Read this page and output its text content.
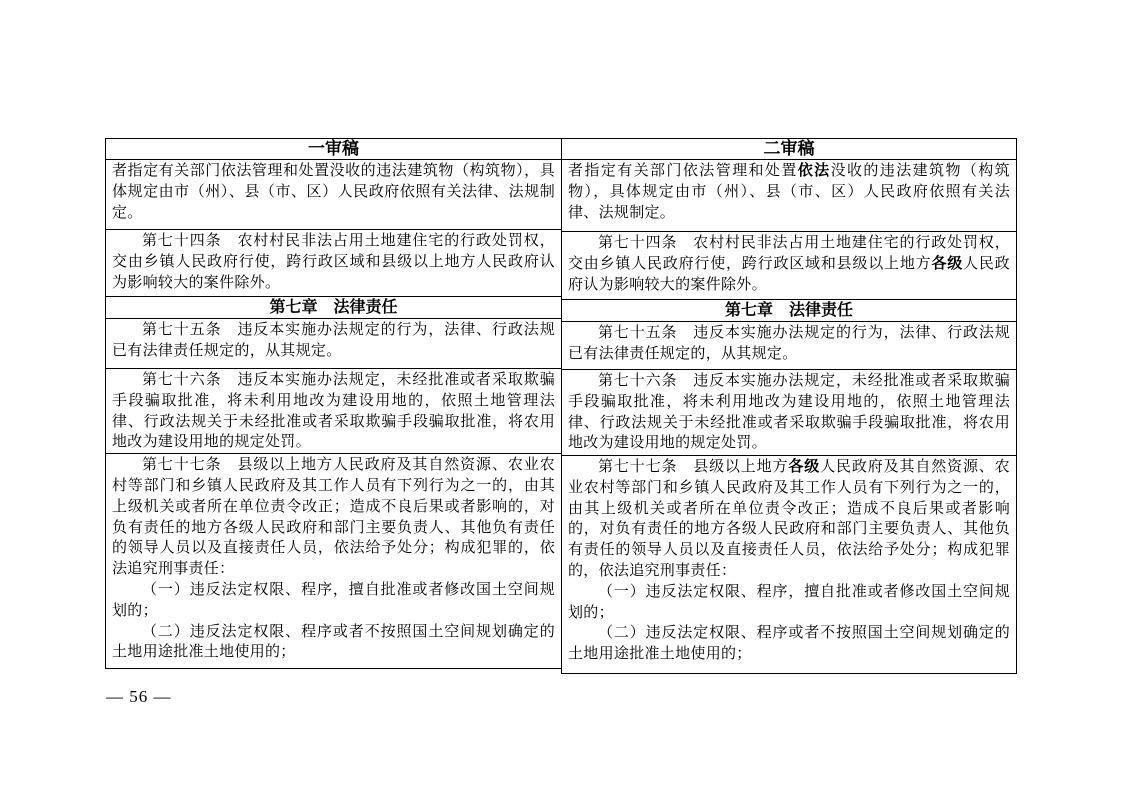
一审稿

者指定有关部门依法管理和处置没收的违法建筑物（构筑物），具体规定由市（州）、县（市、区）人民政府依照有关法律、法规制定。

第七十四条　农村村民非法占用土地建住宅的行政处罚权，交由乡镇人民政府行使，跨行政区域和县级以上地方人民政府认为影响较大的案件除外。

第七章　法律责任

第七十五条　违反本实施办法规定的行为，法律、行政法规已有法律责任规定的，从其规定。

第七十六条　违反本实施办法规定，未经批准或者采取欺骗手段骗取批准，将未利用地改为建设用地的，依照土地管理法律、行政法规关于未经批准或者采取欺骗手段骗取批准，将农用地改为建设用地的规定处罚。

第七十七条　县级以上地方人民政府及其自然资源、农业农村等部门和乡镇人民政府及其工作人员有下列行为之一的，由其上级机关或者所在单位责令改正；造成不良后果或者影响的，对负有责任的地方各级人民政府和部门主要负责人、其他负有责任的领导人员以及直接责任人员，依法给予处分；构成犯罪的，依法追究刑事责任：

（一）违反法定权限、程序，擅自批准或者修改国土空间规划的；

（二）违反法定权限、程序或者不按照国土空间规划确定的土地用途批准土地使用的；

二审稿

者指定有关部门依法管理和处置依法没收的违法建筑物（构筑物），具体规定由市（州）、县（市、区）人民政府依照有关法律、法规制定。

第七十四条　农村村民非法占用土地建住宅的行政处罚权，交由乡镇人民政府行使，跨行政区域和县级以上地方各级人民政府认为影响较大的案件除外。

第七章　法律责任

第七十五条　违反本实施办法规定的行为，法律、行政法规已有法律责任规定的，从其规定。

第七十六条　违反本实施办法规定，未经批准或者采取欺骗手段骗取批准，将未利用地改为建设用地的，依照土地管理法律、行政法规关于未经批准或者采取欺骗手段骗取批准，将农用地改为建设用地的规定处罚。

第七十七条　县级以上地方各级人民政府及其自然资源、农业农村等部门和乡镇人民政府及其工作人员有下列行为之一的，由其上级机关或者所在单位责令改正；造成不良后果或者影响的，对负有责任的地方各级人民政府和部门主要负责人、其他负有责任的领导人员以及直接责任人员，依法给予处分；构成犯罪的，依法追究刑事责任：

（一）违反法定权限、程序，擅自批准或者修改国土空间规划的；

（二）违反法定权限、程序或者不按照国土空间规划确定的土地用途批准土地使用的；

— 56 —
